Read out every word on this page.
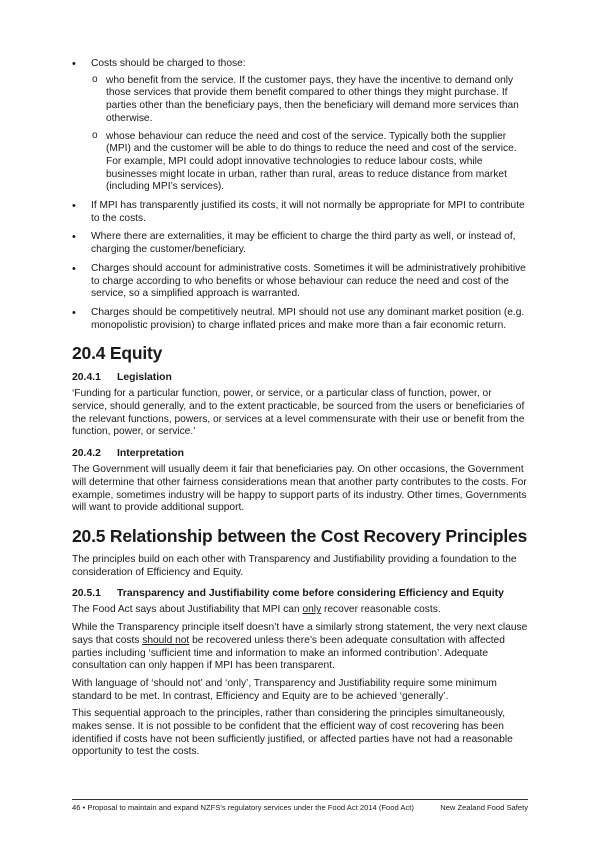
• Costs should be charged to those:
o who benefit from the service. If the customer pays, they have the incentive to demand only those services that provide them benefit compared to other things they might purchase. If parties other than the beneficiary pays, then the beneficiary will demand more services than otherwise.
o whose behaviour can reduce the need and cost of the service. Typically both the supplier (MPI) and the customer will be able to do things to reduce the need and cost of the service. For example, MPI could adopt innovative technologies to reduce labour costs, while businesses might locate in urban, rather than rural, areas to reduce distance from market (including MPI’s services).
• If MPI has transparently justified its costs, it will not normally be appropriate for MPI to contribute to the costs.
• Where there are externalities, it may be efficient to charge the third party as well, or instead of, charging the customer/beneficiary.
• Charges should account for administrative costs. Sometimes it will be administratively prohibitive to charge according to who benefits or whose behaviour can reduce the need and cost of the service, so a simplified approach is warranted.
• Charges should be competitively neutral. MPI should not use any dominant market position (e.g. monopolistic provision) to charge inflated prices and make more than a fair economic return.
20.4 Equity
20.4.1 Legislation

‘Funding for a particular function, power, or service, or a particular class of function, power, or service, should generally, and to the extent practicable, be sourced from the users or beneficiaries of the relevant functions, powers, or services at a level commensurate with their use or benefit from the function, power, or service.’

20.4.2 Interpretation

The Government will usually deem it fair that beneficiaries pay. On other occasions, the Government will determine that other fairness considerations mean that another party contributes to the costs. For example, sometimes industry will be happy to support parts of its industry. Other times, Governments will want to provide additional support.

20.5 Relationship between the Cost Recovery Principles

The principles build on each other with Transparency and Justifiability providing a foundation to the consideration of Efficiency and Equity.

20.5.1 Transparency and Justifiability come before considering Efficiency and Equity

The Food Act says about Justifiability that MPI can only recover reasonable costs.

While the Transparency principle itself doesn’t have a similarly strong statement, the very next clause says that costs should not be recovered unless there’s been adequate consultation with affected parties including ‘sufficient time and information to make an informed contribution’. Adequate consultation can only happen if MPI has been transparent.

With language of ‘should not’ and ‘only’, Transparency and Justifiability require some minimum standard to be met. In contrast, Efficiency and Equity are to be achieved ‘generally’.

This sequential approach to the principles, rather than considering the principles simultaneously, makes sense. It is not possible to be confident that the efficient way of cost recovering has been identified if costs have not been sufficiently justified, or affected parties have not had a reasonable opportunity to test the costs.

46 • Proposal to maintain and expand NZFS’s regulatory services under the Food Act 2014 (Food Act)	New Zealand Food Safety
